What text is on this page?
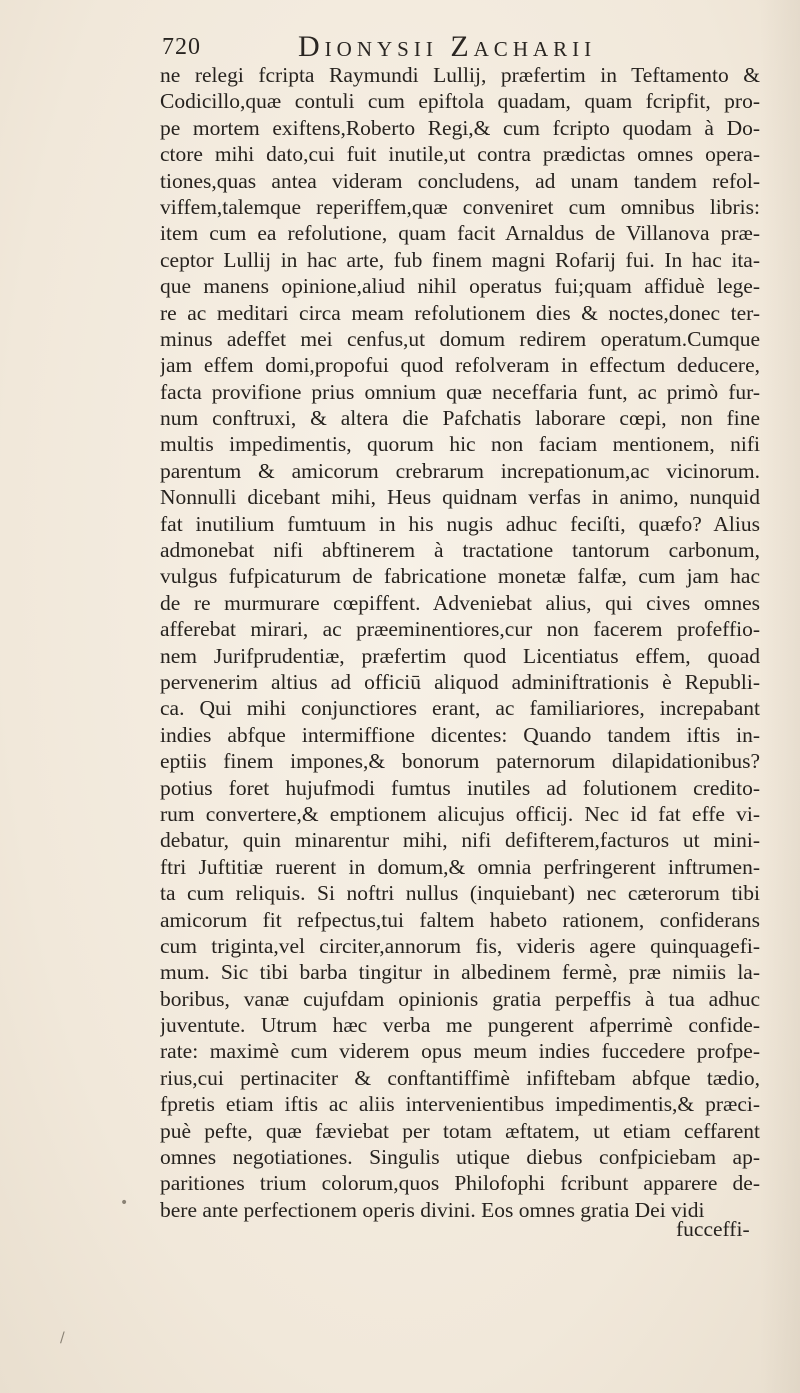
720	Dionysii Zacharii
ne relegi fcripta Raymundi Lullij, præfertim in Teftamento &
Codicillo,quæ contuli cum epiftola quadam, quam fcripfit, pro-
pe mortem exiftens,Roberto Regi,& cum fcripto quodam à Do-
ctore mihi dato,cui fuit inutile,ut contra prædictas omnes opera-
tiones,quas antea videram concludens, ad unam tandem refol-
viffem,talemque reperiffem,quæ conveniret cum omnibus libris:
item cum ea refolutione, quam facit Arnaldus de Villanova præ-
ceptor Lullij in hac arte, fub finem magni Rofarij fui. In hac ita-
que manens opinione,aliud nihil operatus fui;quam affiduè lege-
re ac meditari circa meam refolutionem dies & noctes,donec ter-
minus adeffet mei cenfus,ut domum redirem operatum.Cumque
jam effem domi,propofui quod refolveram in effectum deducere,
facta provifione prius omnium quæ neceffaria funt, ac primò fur-
num conftruxi, & altera die Pafchatis laborare cœpi, non fine
multis impedimentis, quorum hic non faciam mentionem, nifi
parentum & amicorum crebrarum increpationum,ac vicinorum.
Nonnulli dicebant mihi, Heus quidnam verfas in animo, nunquid
fat inutilium fumtuum in his nugis adhuc feciſti, quæfo? Alius
admonebat nifi abftinerem à tractatione tantorum carbonum,
vulgus fufpicaturum de fabricatione monetæ falfæ, cum jam hac
de re murmurare cœpiffent. Adveniebat alius, qui cives omnes
afferebat mirari, ac præeminentiores,cur non facerem profeffio-
nem Jurifprudentiæ, præfertim quod Licentiatus effem, quoad
pervenerim altius ad officiū aliquod adminiftrationis è Republi-
ca. Qui mihi conjunctiores erant, ac familiariores, increpabant
indies abfque intermiffione dicentes: Quando tandem iftis in-
eptiis finem impones,& bonorum paternorum dilapidationibus?
potius foret hujufmodi fumtus inutiles ad folutionem credito-
rum convertere,& emptionem alicujus officij. Nec id fat effe vi-
debatur, quin minarentur mihi, nifi defifterem,facturos ut mini-
ftri Juftitiæ ruerent in domum,& omnia perfringerent inftrumen-
ta cum reliquis. Si noftri nullus (inquiebant) nec cæterorum tibi
amicorum fit refpectus,tui faltem habeto rationem, confiderans
cum triginta,vel circiter,annorum fis, videris agere quinquagefi-
mum. Sic tibi barba tingitur in albedinem fermè, præ nimiis la-
boribus, vanæ cujufdam opinionis gratia perpeffis à tua adhuc
juventute. Utrum hæc verba me pungerent afperrimè confide-
rate: maximè cum viderem opus meum indies fuccedere profpe-
rius,cui pertinaciter & conftantiffimè infiftebam abfque tædio,
fpretis etiam iftis ac aliis intervenientibus impedimentis,& præci-
puè pefte, quæ fæviebat per totam æftatem, ut etiam ceffarent
omnes negotiationes. Singulis utique diebus confpiciebam ap-
paritiones trium colorum,quos Philofophi fcribunt apparere de-
bere ante perfectionem operis divini. Eos omnes gratia Dei vidi
fucceffi-
•
/
